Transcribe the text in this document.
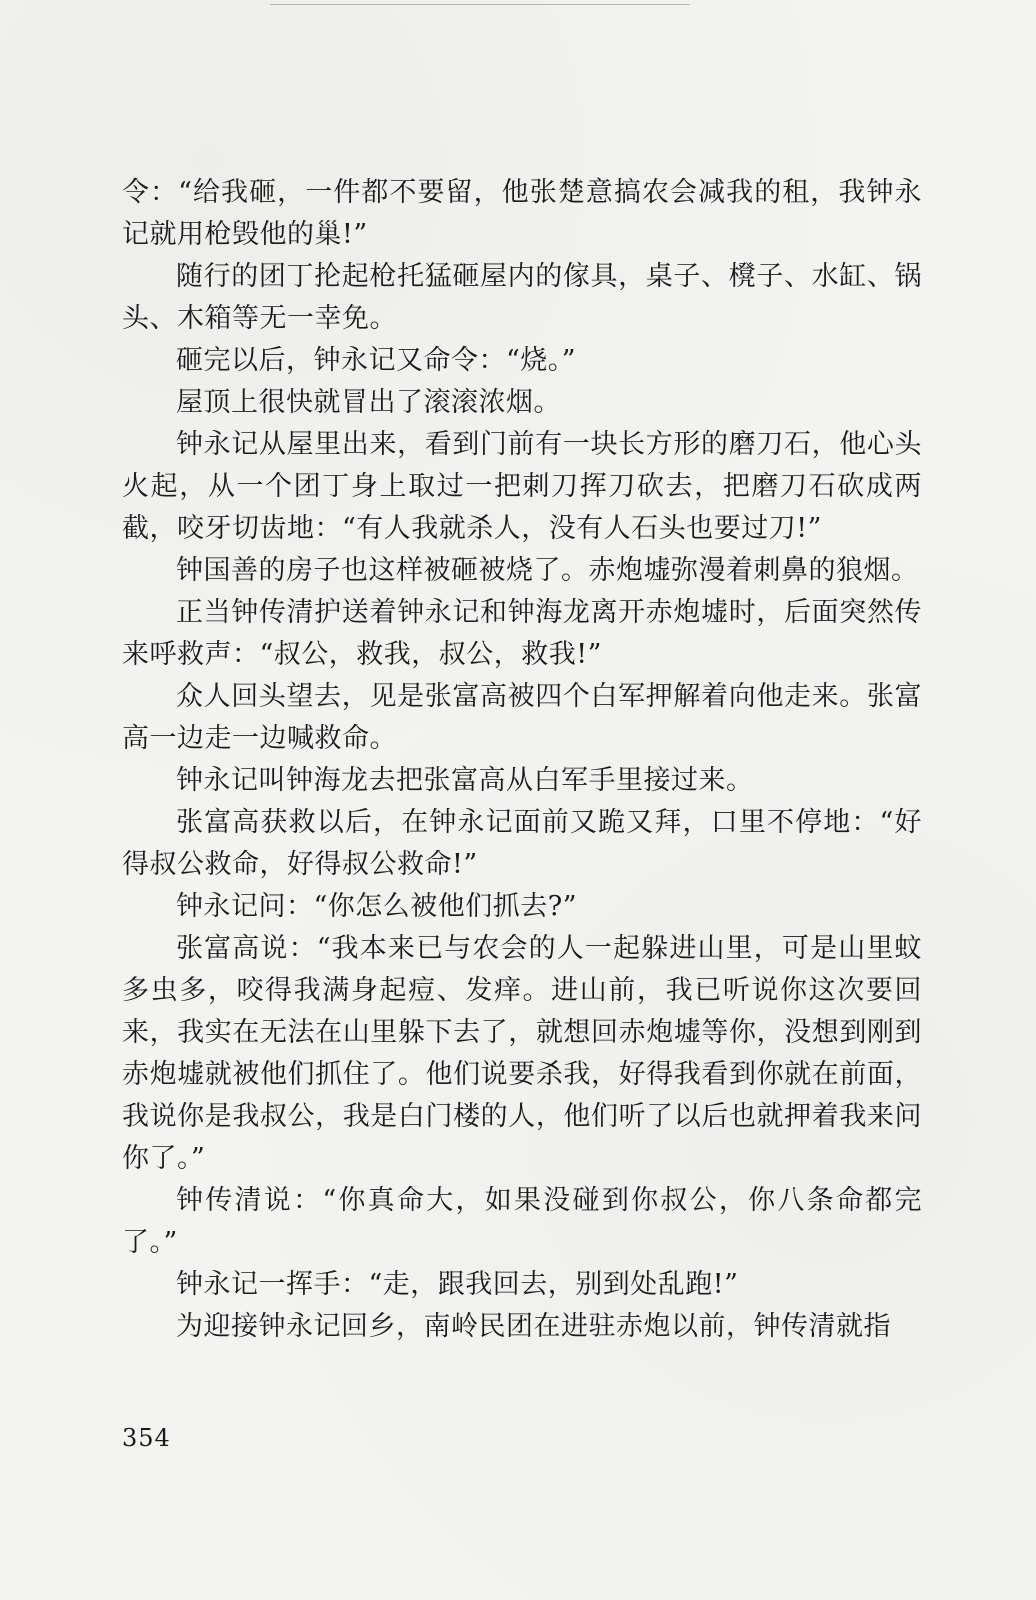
令：“给我砸，一件都不要留，他张楚意搞农会减我的租，我钟永记就用枪毁他的巢!”

随行的团丁抡起枪托猛砸屋内的傢具，桌子、櫈子、水缸、锅头、木箱等无一幸免。

砸完以后，钟永记又命令：“烧。”

屋顶上很快就冒出了滚滚浓烟。

钟永记从屋里出来，看到门前有一块长方形的磨刀石，他心头火起，从一个团丁身上取过一把刺刀挥刀砍去，把磨刀石砍成两截，咬牙切齿地：“有人我就杀人，没有人石头也要过刀!”

钟国善的房子也这样被砸被烧了。赤炮墟弥漫着刺鼻的狼烟。

正当钟传清护送着钟永记和钟海龙离开赤炮墟时，后面突然传来呼救声：“叔公，救我，叔公，救我!”

众人回头望去，见是张富高被四个白军押解着向他走来。张富高一边走一边喊救命。

钟永记叫钟海龙去把张富高从白军手里接过来。

张富高获救以后，在钟永记面前又跪又拜，口里不停地：“好得叔公救命，好得叔公救命!”

钟永记问：“你怎么被他们抓去?”

张富高说：“我本来已与农会的人一起躲进山里，可是山里蚊多虫多，咬得我满身起痘、发痒。进山前，我已听说你这次要回来，我实在无法在山里躲下去了，就想回赤炮墟等你，没想到刚到赤炮墟就被他们抓住了。他们说要杀我，好得我看到你就在前面，我说你是我叔公，我是白门楼的人，他们听了以后也就押着我来问你了。”

钟传清说：“你真命大，如果没碰到你叔公，你八条命都完了。”

钟永记一挥手：“走，跟我回去，别到处乱跑!”

为迎接钟永记回乡，南岭民团在进驻赤炮以前，钟传清就指

354
